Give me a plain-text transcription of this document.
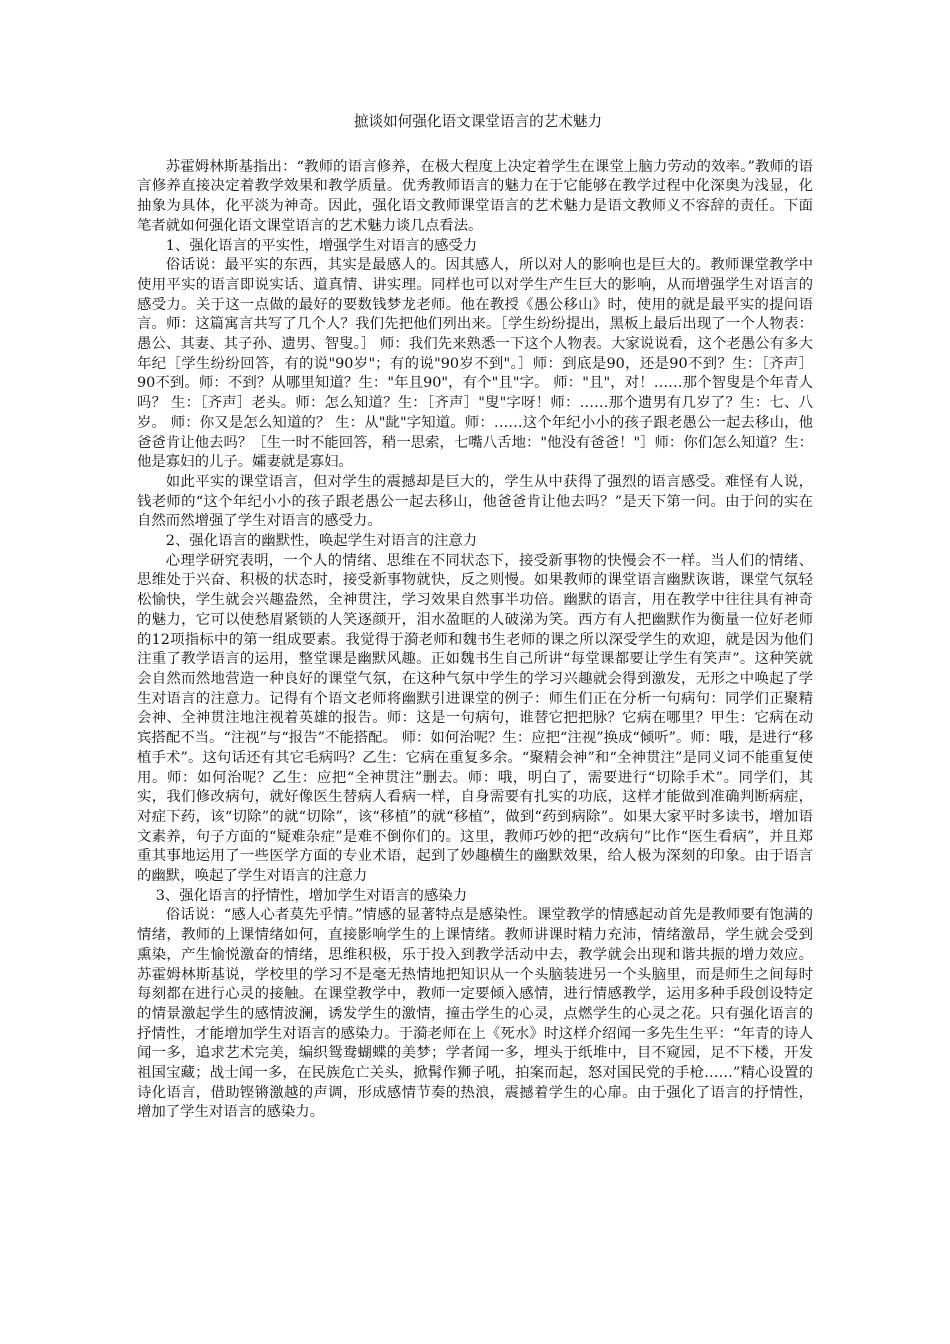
摭谈如何强化语文课堂语言的艺术魅力

苏霍姆林斯基指出：“教师的语言修养，在极大程度上决定着学生在课堂上脑力劳动的效率。”教师的语言修养直接决定着教学效果和教学质量。优秀教师语言的魅力在于它能够在教学过程中化深奥为浅显，化抽象为具体，化平淡为神奇。因此，强化语文教师课堂语言的艺术魅力是语文教师义不容辞的责任。下面笔者就如何强化语文课堂语言的艺术魅力谈几点看法。

1、强化语言的平实性，增强学生对语言的感受力

俗话说：最平实的东西，其实是最感人的。因其感人，所以对人的影响也是巨大的。教师课堂教学中使用平实的语言即说实话、道真情、讲实理。同样也可以对学生产生巨大的影响，从而增强学生对语言的感受力。关于这一点做的最好的要数钱梦龙老师。他在教授《愚公移山》时，使用的就是最平实的提问语言。师：这篇寓言共写了几个人？我们先把他们列出来。［学生纷纷提出，黑板上最后出现了一个人物表：愚公、其妻、其子孙、遗男、智叟。］ 师：我们先来熟悉一下这个人物表。大家说说看，这个老愚公有多大年纪［学生纷纷回答，有的说"90岁"；有的说"90岁不到"。］师：到底是90，还是90不到？生：［齐声］90不到。师：不到？从哪里知道？生："年且90"，有个"且"字。 师："且"，对！……那个智叟是个年青人吗？ 生：［齐声］老头。师：怎么知道？生：［齐声］"叟"字呀！师：……那个遗男有几岁了？生：七、八岁。 师：你又是怎么知道的？ 生：从"龀"字知道。师：……这个年纪小小的孩子跟老愚公一起去移山，他爸爸肯让他去吗？［生一时不能回答，稍一思索，七嘴八舌地："他没有爸爸！"］师：你们怎么知道？生：他是寡妇的儿子。孀妻就是寡妇。

如此平实的课堂语言，但对学生的震撼却是巨大的，学生从中获得了强烈的语言感受。难怪有人说，钱老师的“这个年纪小小的孩子跟老愚公一起去移山，他爸爸肯让他去吗？”是天下第一问。由于问的实在自然而然增强了学生对语言的感受力。

2、强化语言的幽默性，唤起学生对语言的注意力

心理学研究表明，一个人的情绪、思维在不同状态下，接受新事物的快慢会不一样。当人们的情绪、思维处于兴奋、积极的状态时，接受新事物就快，反之则慢。如果教师的课堂语言幽默诙谐，课堂气氛轻松愉快，学生就会兴趣盎然，全神贯注，学习效果自然事半功倍。幽默的语言，用在教学中往往具有神奇的魅力，它可以使愁眉紧锁的人笑逐颜开，泪水盈眶的人破涕为笑。西方有人把幽默作为衡量一位好老师的12项指标中的第一组成要素。我觉得于漪老师和魏书生老师的课之所以深受学生的欢迎，就是因为他们注重了教学语言的运用，整堂课是幽默风趣。正如魏书生自己所讲“每堂课都要让学生有笑声”。这种笑就会自然而然地营造一种良好的课堂气氛，在这种气氛中学生的学习兴趣就会得到激发，无形之中唤起了学生对语言的注意力。记得有个语文老师将幽默引进课堂的例子：师生们正在分析一句病句：同学们正聚精会神、全神贯注地注视着英雄的报告。师：这是一句病句，谁替它把把脉？它病在哪里？甲生：它病在动宾搭配不当。“注视”与“报告”不能搭配。 师：如何治呢？生：应把“注视”换成“倾听”。师：哦，是进行“移植手术”。这句话还有其它毛病吗？乙生：它病在重复多余。“聚精会神”和“全神贯注”是同义词不能重复使用。师：如何治呢？乙生：应把“全神贯注”删去。师：哦，明白了，需要进行“切除手术”。同学们，其实，我们修改病句，就好像医生替病人看病一样，自身需要有扎实的功底，这样才能做到准确判断病症，对症下药，该“切除”的就“切除”，该“移植”的就“移植”，做到“药到病除”。如果大家平时多读书，增加语文素养，句子方面的“疑难杂症”是难不倒你们的。这里，教师巧妙的把“改病句”比作“医生看病”，并且郑重其事地运用了一些医学方面的专业术语，起到了妙趣横生的幽默效果，给人极为深刻的印象。由于语言的幽默，唤起了学生对语言的注意力

3、强化语言的抒情性，增加学生对语言的感染力

俗话说：“感人心者莫先乎情。”情感的显著特点是感染性。课堂教学的情感起动首先是教师要有饱满的情绪，教师的上课情绪如何，直接影响学生的上课情绪。教师讲课时精力充沛，情绪激昂，学生就会受到熏染，产生愉悦激奋的情绪，思维积极，乐于投入到教学活动中去，教学就会出现和谐共振的增力效应。苏霍姆林斯基说，学校里的学习不是毫无热情地把知识从一个头脑装进另一个头脑里，而是师生之间每时每刻都在进行心灵的接触。在课堂教学中，教师一定要倾入感情，进行情感教学，运用多种手段创设特定的情景激起学生的感情波澜，诱发学生的激情，撞击学生的心灵，点燃学生的心灵之花。只有强化语言的抒情性，才能增加学生对语言的感染力。于漪老师在上《死水》时这样介绍闻一多先生生平：“年青的诗人闻一多，追求艺术完美，编织鸳鸯蝴蝶的美梦；学者闻一多，埋头于纸堆中，目不窥园，足不下楼，开发祖国宝藏；战士闻一多，在民族危亡关头，掀髯作狮子吼，拍案而起，怒对国民党的手枪……”精心设置的诗化语言，借助铿锵激越的声调，形成感情节奏的热浪，震撼着学生的心扉。由于强化了语言的抒情性，增加了学生对语言的感染力。
